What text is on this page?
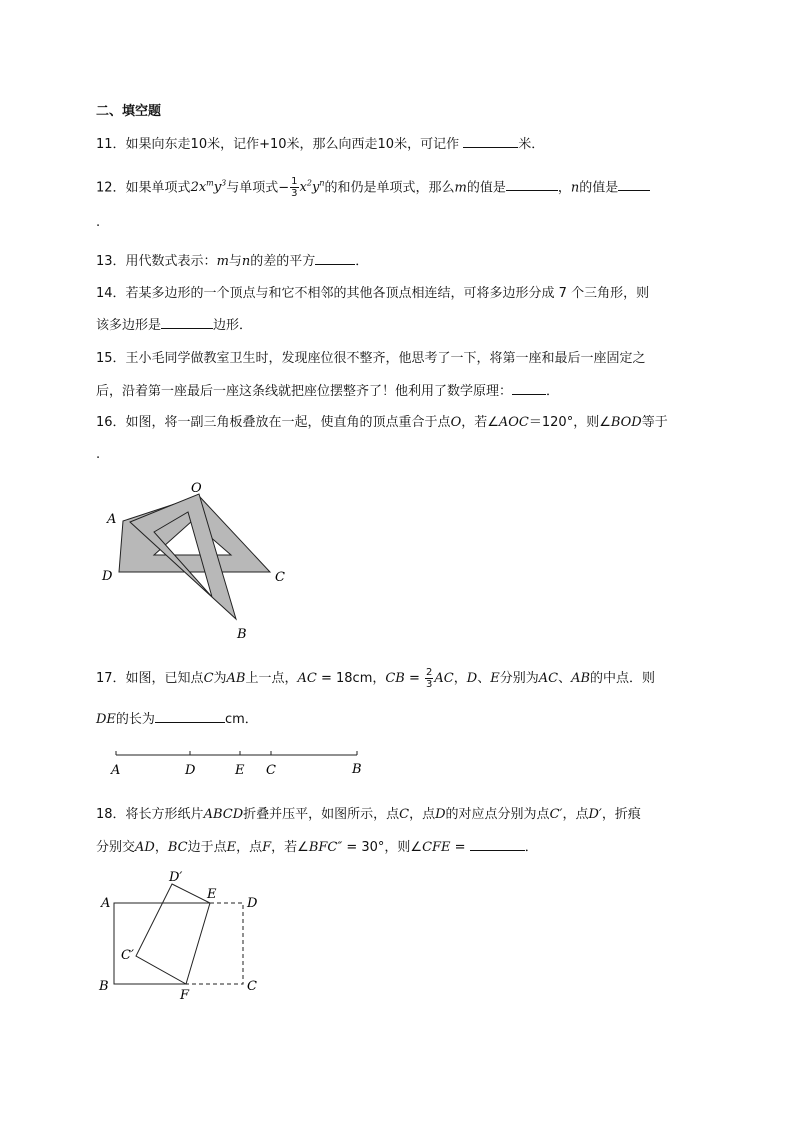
二、填空题
11．如果向东走10米，记作+10米，那么向西走10米，可记作	米．
12．如果单项式$2x^my^3$与单项式− $\frac{1}{3} x^2y^n$的和仍是单项式，那么m的值是	，n的值是
.
13．用代数式表示：m与n的差的平方	．
14．若某多边形的一个顶点与和它不相邻的其他各顶点相连结，可将多边形分成 7 个三角形，则
该多边形是	边形．
15．王小毛同学做教室卫生时，发现座位很不整齐，他思考了一下，将第一座和最后一座固定之
后，沿着第一座最后一座这条线就把座位摆整齐了！他利用了数学原理：	．
16．如图，将一副三角板叠放在一起，使直角的顶点重合于点O，若∠AOC＝120°，则∠BOD等于
.
O
A
D	C
B
17．如图，已知点C为AB上一点，AC = 18cm，CB = $\frac{2}{3}$ AC，D、E分别为AC、AB的中点．则
DE的长为	cm．
A	D	E C	B
18．将长方形纸片ABCD折叠并压平，如图所示，点C，点D的对应点分别为点C′，点D′，折痕
分别交AD，BC边于点E，点F，若∠BFC″ = 30°，则∠CFE =	．
A
B	C
D
D′
E
C′
F
